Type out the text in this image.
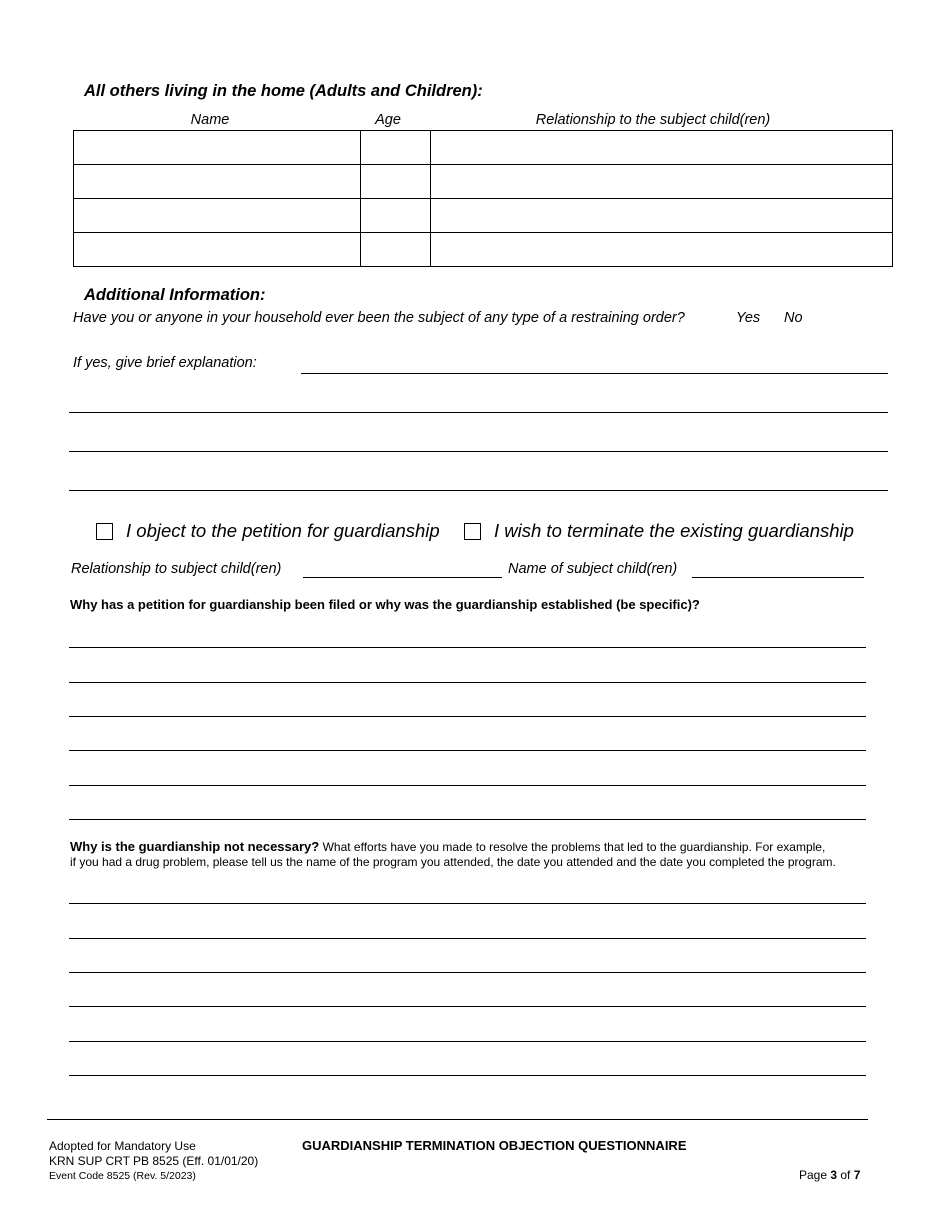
All others living in the home (Adults and Children):
Name	Age	Relationship to the subject child(ren)

Additional Information:
Have you or anyone in your household ever been the subject of any type of a restraining order?	Yes No
If yes, give brief explanation:
I object to the petition for guardianship	I wish to terminate the existing guardianship
Relationship to subject child(ren)	Name of subject child(ren)
Why has a petition for guardianship been filed or why was the guardianship established (be specific)?
Why is the guardianship not necessary? What efforts have you made to resolve the problems that led to the guardianship. For example,
if you had a drug problem, please tell us the name of the program you attended, the date you attended and the date you completed the program.
Adopted for Mandatory Use
KRN SUP CRT PB 8525 (Eff. 01/01/20)
Event Code 8525 (Rev. 5/2023)
GUARDIANSHIP TERMINATION OBJECTION QUESTIONNAIRE
Page 3 of 7
